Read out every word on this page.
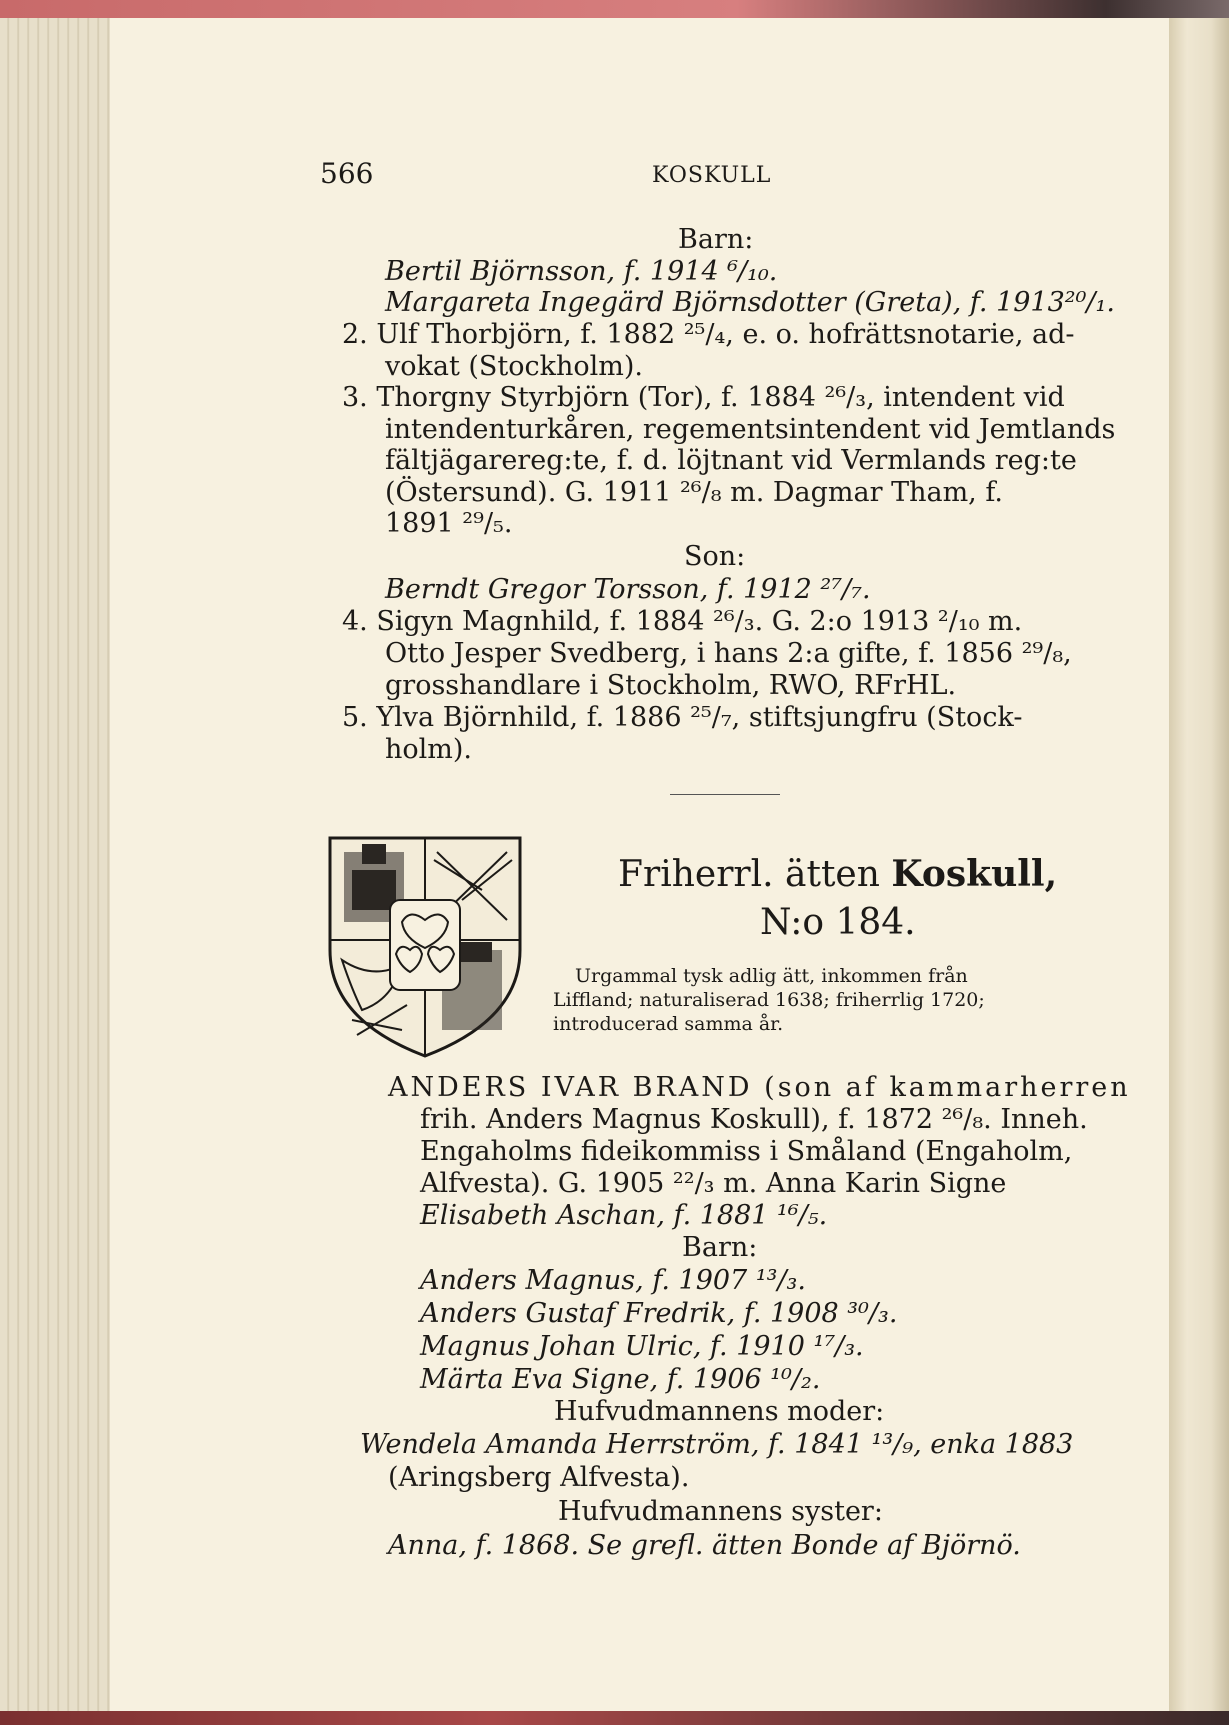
566	KOSKULL
Barn:
Bertil Björnsson, f. 1914 ⁶/₁₀.
Margareta Ingegärd Björnsdotter (Greta), f. 1913²⁰/₁.
2. Ulf Thorbjörn, f. 1882 ²⁵/₄, e. o. hofrättsnotarie, ad-
vokat (Stockholm).
3. Thorgny Styrbjörn (Tor), f. 1884 ²⁶/₃, intendent vid
intendenturkåren, regementsintendent vid Jemtlands
fältjägarereg:te, f. d. löjtnant vid Vermlands reg:te
(Östersund). G. 1911 ²⁶/₈ m. Dagmar Tham, f.
1891 ²⁹/₅.
Son:
Berndt Gregor Torsson, f. 1912 ²⁷/₇.
4. Sigyn Magnhild, f. 1884 ²⁶/₃. G. 2:o 1913 ²/₁₀ m.
Otto Jesper Svedberg, i hans 2:a gifte, f. 1856 ²⁹/₈,
grosshandlare i Stockholm, RWO, RFrHL.
5. Ylva Björnhild, f. 1886 ²⁵/₇, stiftsjungfru (Stock-
holm).
Friherrl. ätten Koskull,
N:o 184.
Urgammal tysk adlig ätt, inkommen från
Liffland; naturaliserad 1638; friherrlig 1720;
introducerad samma år.
ANDERS IVAR BRAND (son af kammarherren
frih. Anders Magnus Koskull), f. 1872 ²⁶/₈. Inneh.
Engaholms fideikommiss i Småland (Engaholm,
Alfvesta). G. 1905 ²²/₃ m. Anna Karin Signe
Elisabeth Aschan, f. 1881 ¹⁶/₅.
Barn:
Anders Magnus, f. 1907 ¹³/₃.
Anders Gustaf Fredrik, f. 1908 ³⁰/₃.
Magnus Johan Ulric, f. 1910 ¹⁷/₃.
Märta Eva Signe, f. 1906 ¹⁰/₂.
Hufvudmannens moder:
Wendela Amanda Herrström, f. 1841 ¹³/₉, enka 1883
(Aringsberg Alfvesta).
Hufvudmannens syster:
Anna, f. 1868. Se grefl. ätten Bonde af Björnö.
